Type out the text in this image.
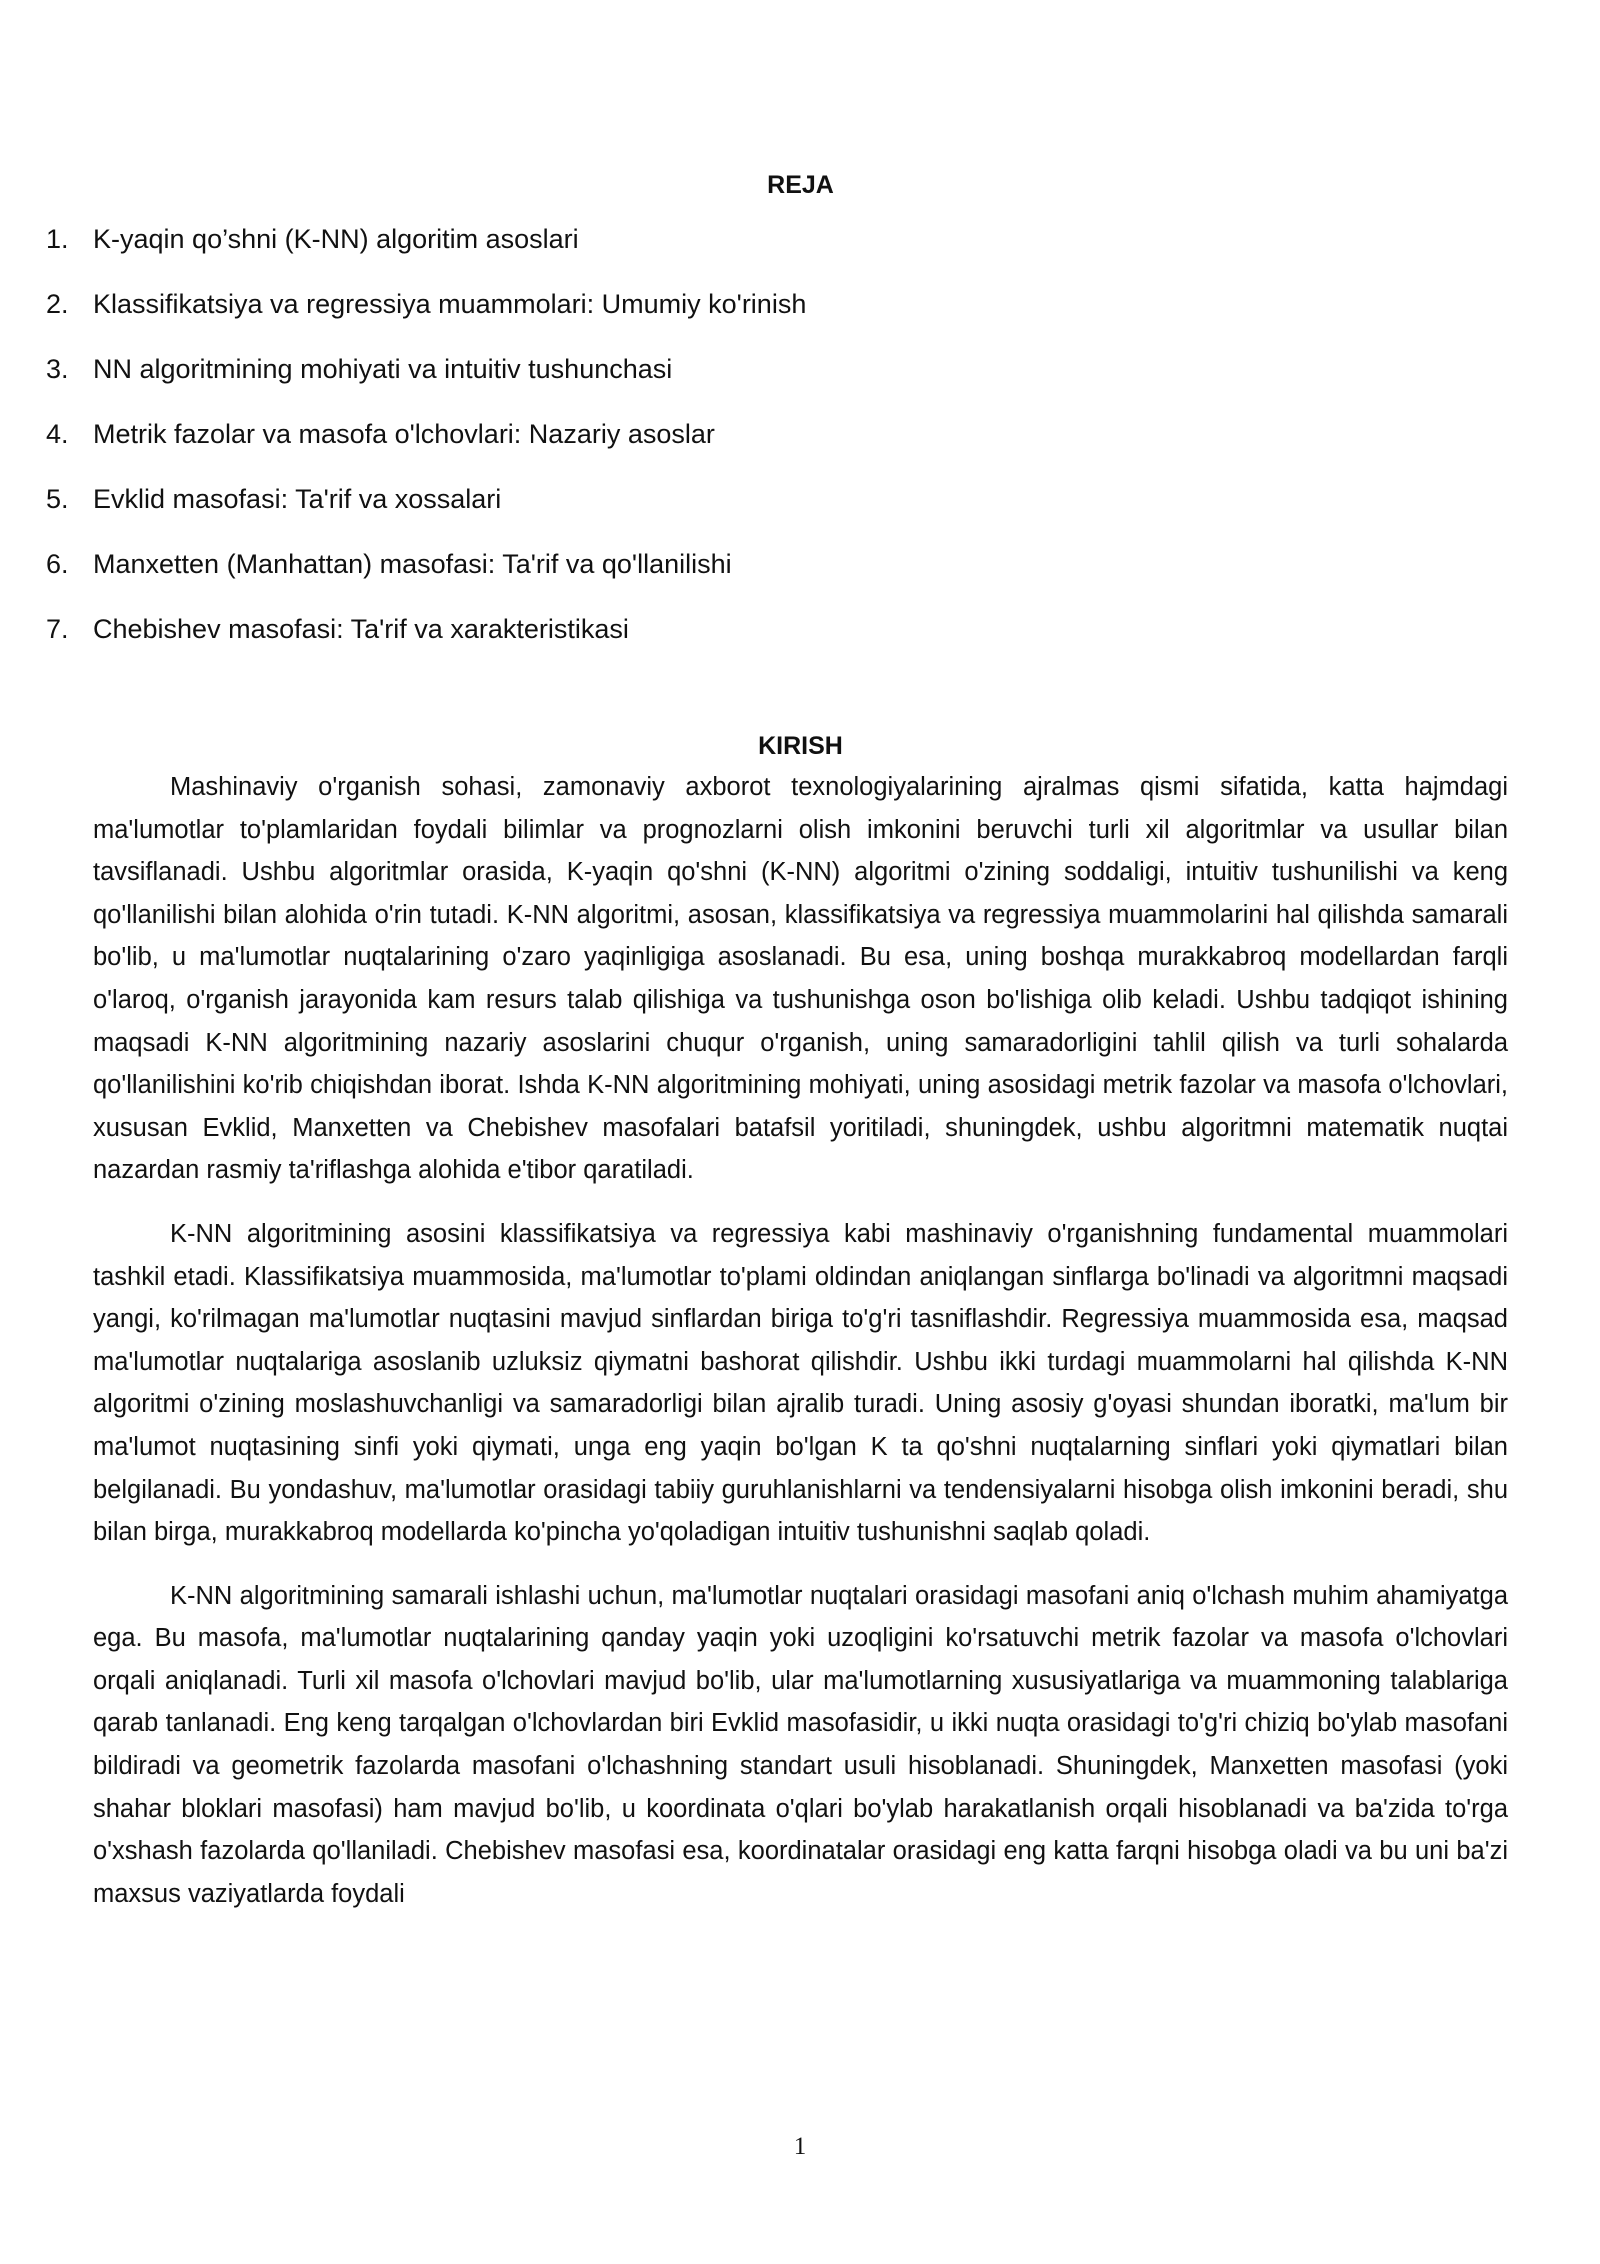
REJA
1. K-yaqin qo’shni (K-NN) algoritim asoslari
2. Klassifikatsiya va regressiya muammolari: Umumiy ko'rinish
3. NN algoritmining mohiyati va intuitiv tushunchasi
4. Metrik fazolar va masofa o'lchovlari: Nazariy asoslar
5. Evklid masofasi: Ta'rif va xossalari
6. Manxetten (Manhattan) masofasi: Ta'rif va qo'llanilishi
7. Chebishev masofasi: Ta'rif va xarakteristikasi
KIRISH

Mashinaviy o'rganish sohasi, zamonaviy axborot texnologiyalarining ajralmas qismi sifatida, katta hajmdagi ma'lumotlar to'plamlaridan foydali bilimlar va prognozlarni olish imkonini beruvchi turli xil algoritmlar va usullar bilan tavsiflanadi. Ushbu algoritmlar orasida, K-yaqin qo'shni (K-NN) algoritmi o'zining soddaligi, intuitiv tushunilishi va keng qo'llanilishi bilan alohida o'rin tutadi. K-NN algoritmi, asosan, klassifikatsiya va regressiya muammolarini hal qilishda samarali bo'lib, u ma'lumotlar nuqtalarining o'zaro yaqinligiga asoslanadi. Bu esa, uning boshqa murakkabroq modellardan farqli o'laroq, o'rganish jarayonida kam resurs talab qilishiga va tushunishga oson bo'lishiga olib keladi. Ushbu tadqiqot ishining maqsadi K-NN algoritmining nazariy asoslarini chuqur o'rganish, uning samaradorligini tahlil qilish va turli sohalarda qo'llanilishini ko'rib chiqishdan iborat. Ishda K-NN algoritmining mohiyati, uning asosidagi metrik fazolar va masofa o'lchovlari, xususan Evklid, Manxetten va Chebishev masofalari batafsil yoritiladi, shuningdek, ushbu algoritmni matematik nuqtai nazardan rasmiy ta'riflashga alohida e'tibor qaratiladi.

K-NN algoritmining asosini klassifikatsiya va regressiya kabi mashinaviy o'rganishning fundamental muammolari tashkil etadi. Klassifikatsiya muammosida, ma'lumotlar to'plami oldindan aniqlangan sinflarga bo'linadi va algoritmni maqsadi yangi, ko'rilmagan ma'lumotlar nuqtasini mavjud sinflardan biriga to'g'ri tasniflashdir. Regressiya muammosida esa, maqsad ma'lumotlar nuqtalariga asoslanib uzluksiz qiymatni bashorat qilishdir. Ushbu ikki turdagi muammolarni hal qilishda K-NN algoritmi o'zining moslashuvchanligi va samaradorligi bilan ajralib turadi. Uning asosiy g'oyasi shundan iboratki, ma'lum bir ma'lumot nuqtasining sinfi yoki qiymati, unga eng yaqin bo'lgan K ta qo'shni nuqtalarning sinflari yoki qiymatlari bilan belgilanadi. Bu yondashuv, ma'lumotlar orasidagi tabiiy guruhlanishlarni va tendensiyalarni hisobga olish imkonini beradi, shu bilan birga, murakkabroq modellarda ko'pincha yo'qoladigan intuitiv tushunishni saqlab qoladi.

K-NN algoritmining samarali ishlashi uchun, ma'lumotlar nuqtalari orasidagi masofani aniq o'lchash muhim ahamiyatga ega. Bu masofa, ma'lumotlar nuqtalarining qanday yaqin yoki uzoqligini ko'rsatuvchi metrik fazolar va masofa o'lchovlari orqali aniqlanadi. Turli xil masofa o'lchovlari mavjud bo'lib, ular ma'lumotlarning xususiyatlariga va muammoning talablariga qarab tanlanadi. Eng keng tarqalgan o'lchovlardan biri Evklid masofasidir, u ikki nuqta orasidagi to'g'ri chiziq bo'ylab masofani bildiradi va geometrik fazolarda masofani o'lchashning standart usuli hisoblanadi. Shuningdek, Manxetten masofasi (yoki shahar bloklari masofasi) ham mavjud bo'lib, u koordinata o'qlari bo'ylab harakatlanish orqali hisoblanadi va ba'zida to'rga o'xshash fazolarda qo'llaniladi. Chebishev masofasi esa, koordinatalar orasidagi eng katta farqni hisobga oladi va bu uni ba'zi maxsus vaziyatlarda foydali

1
